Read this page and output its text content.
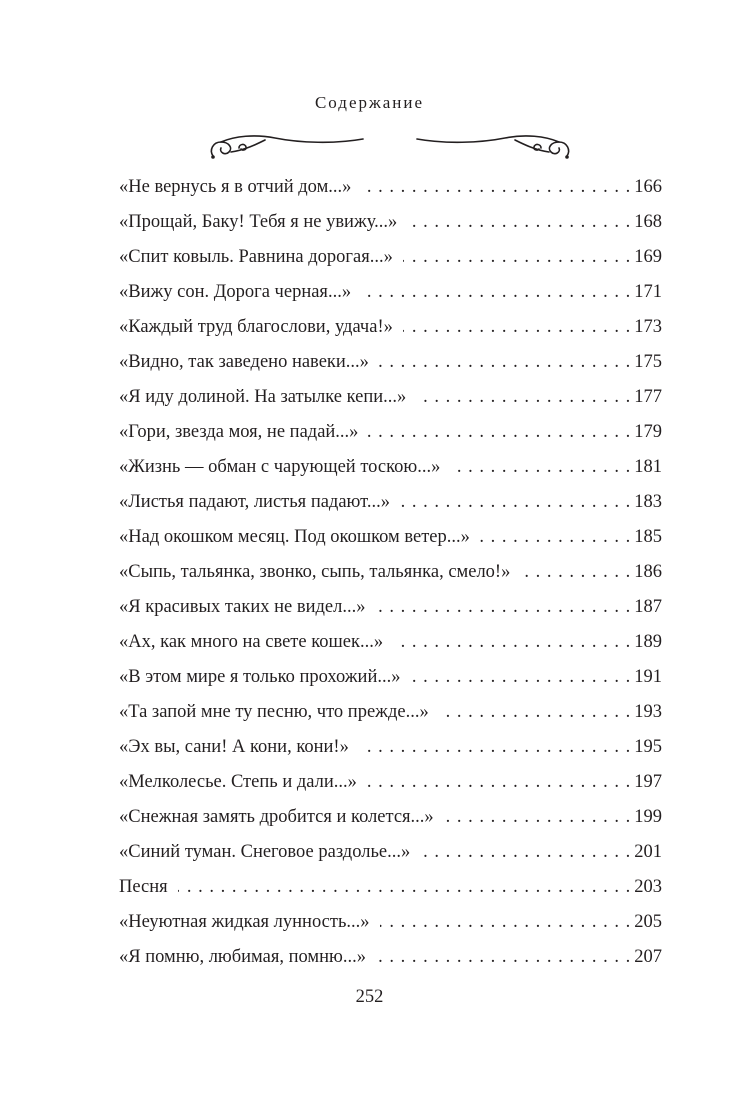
Содержание
«Не вернусь я в отчий дом...» . . .	166
«Прощай, Баку! Тебя я не увижу...» . . .	168
«Спит ковыль. Равнина дорогая...» . . .	169
«Вижу сон. Дорога черная...» . . .	171
«Каждый труд благослови, удача!» . . .	173
«Видно, так заведено навеки...» . . .	175
«Я иду долиной. На затылке кепи...» . . .	177
«Гори, звезда моя, не падай...» . . .	179
«Жизнь — обман с чарующей тоскою...» . . .	181
«Листья падают, листья падают...» . . .	183
«Над окошком месяц. Под окошком ветер...» . . .	185
«Сыпь, тальянка, звонко, сыпь, тальянка, смело!» . . .	186
«Я красивых таких не видел...» . . .	187
«Ах, как много на свете кошек...» . . .	189
«В этом мире я только прохожий...» . . .	191
«Та запой мне ту песню, что прежде...» . . .	193
«Эх вы, сани! А кони, кони!» . . .	195
«Мелколесье. Степь и дали...» . . .	197
«Снежная замять дробится и колется...» . . .	199
«Синий туман. Снеговое раздолье...» . . .	201
Песня . . .	203
«Неуютная жидкая лунность...» . . .	205
«Я помню, любимая, помню...» . . .	207
252
